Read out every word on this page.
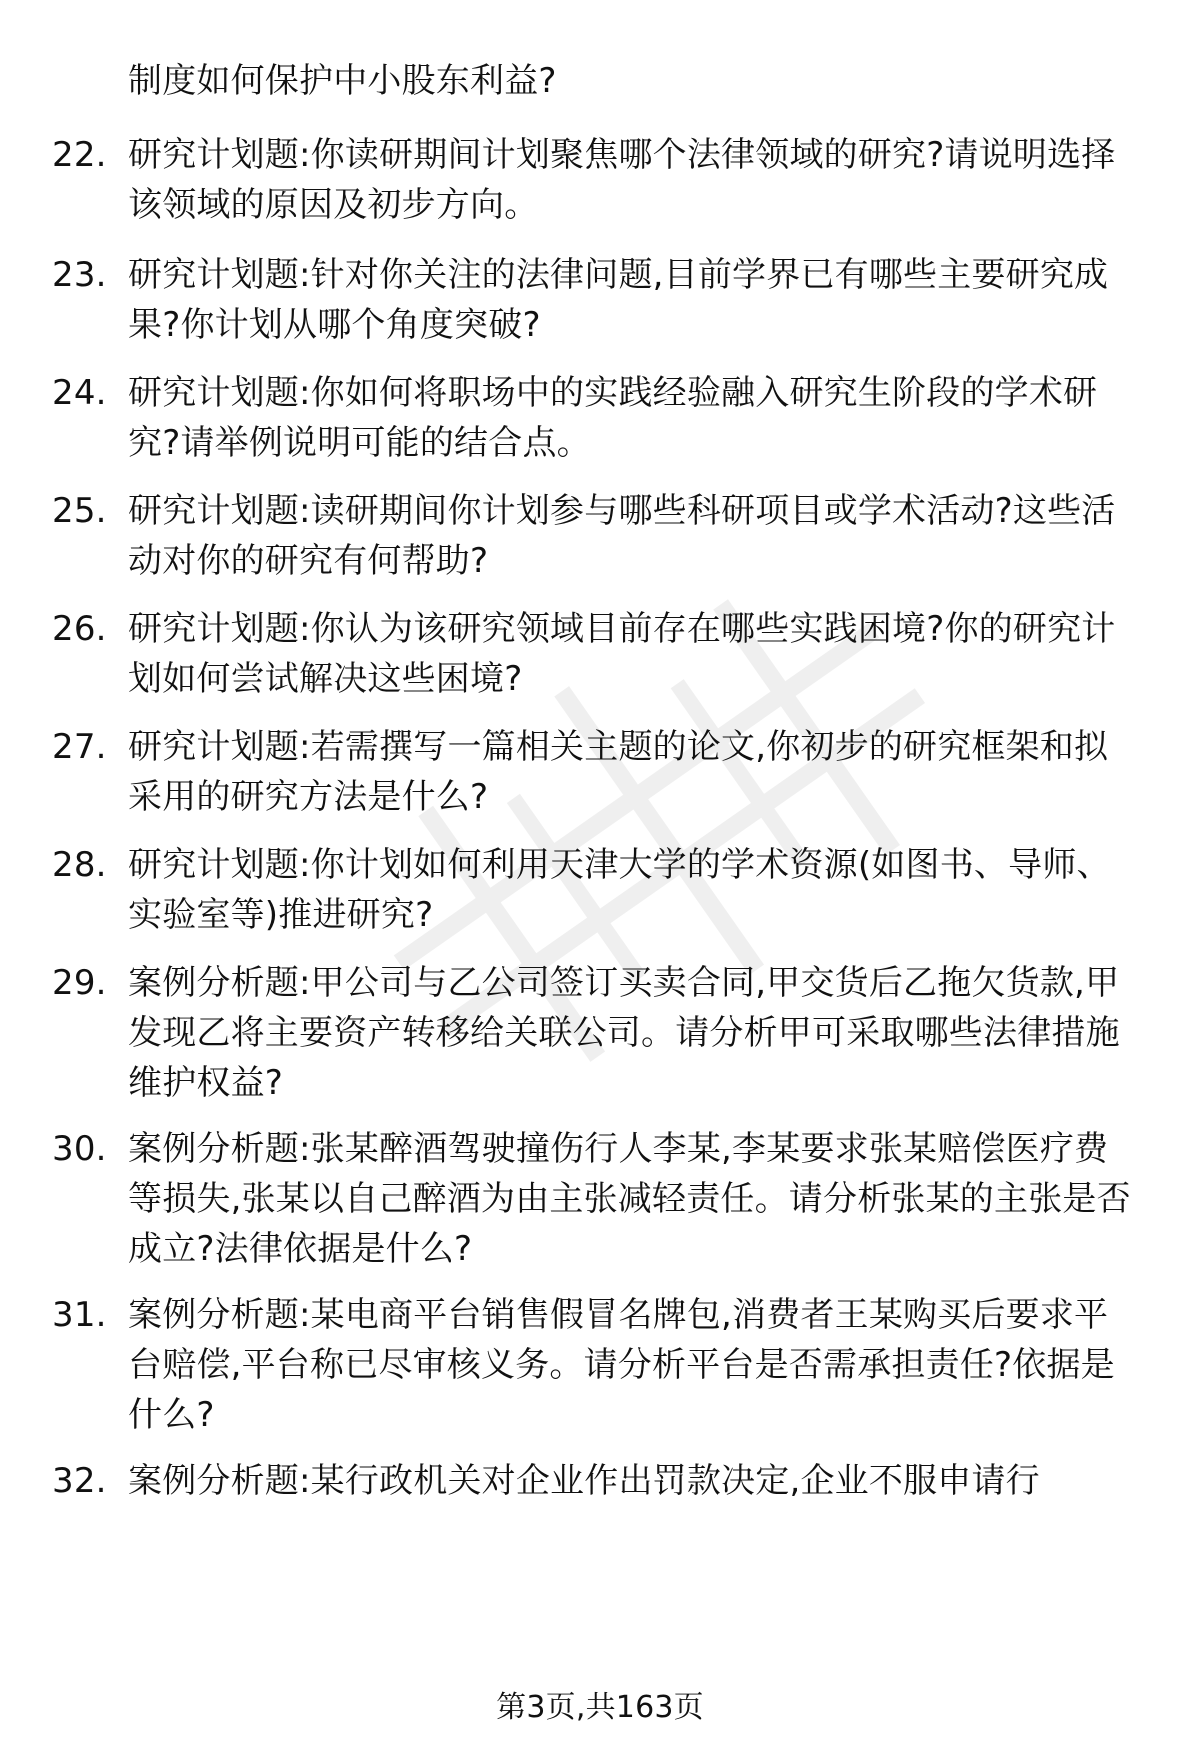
制度如何保护中小股东利益?
22. 研究计划题:你读研期间计划聚焦哪个法律领域的研究?请说明选择该领域的原因及初步方向。
23. 研究计划题:针对你关注的法律问题,目前学界已有哪些主要研究成果?你计划从哪个角度突破?
24. 研究计划题:你如何将职场中的实践经验融入研究生阶段的学术研究?请举例说明可能的结合点。
25. 研究计划题:读研期间你计划参与哪些科研项目或学术活动?这些活动对你的研究有何帮助?
26. 研究计划题:你认为该研究领域目前存在哪些实践困境?你的研究计划如何尝试解决这些困境?
27. 研究计划题:若需撰写一篇相关主题的论文,你初步的研究框架和拟采用的研究方法是什么?
28. 研究计划题:你计划如何利用天津大学的学术资源(如图书、导师、实验室等)推进研究?
29. 案例分析题:甲公司与乙公司签订买卖合同,甲交货后乙拖欠货款,甲发现乙将主要资产转移给关联公司。请分析甲可采取哪些法律措施维护权益?
30. 案例分析题:张某醉酒驾驶撞伤行人李某,李某要求张某赔偿医疗费等损失,张某以自己醉酒为由主张减轻责任。请分析张某的主张是否成立?法律依据是什么?
31. 案例分析题:某电商平台销售假冒名牌包,消费者王某购买后要求平台赔偿,平台称已尽审核义务。请分析平台是否需承担责任?依据是什么?
32. 案例分析题:某行政机关对企业作出罚款决定,企业不服申请行
第3页,共163页
